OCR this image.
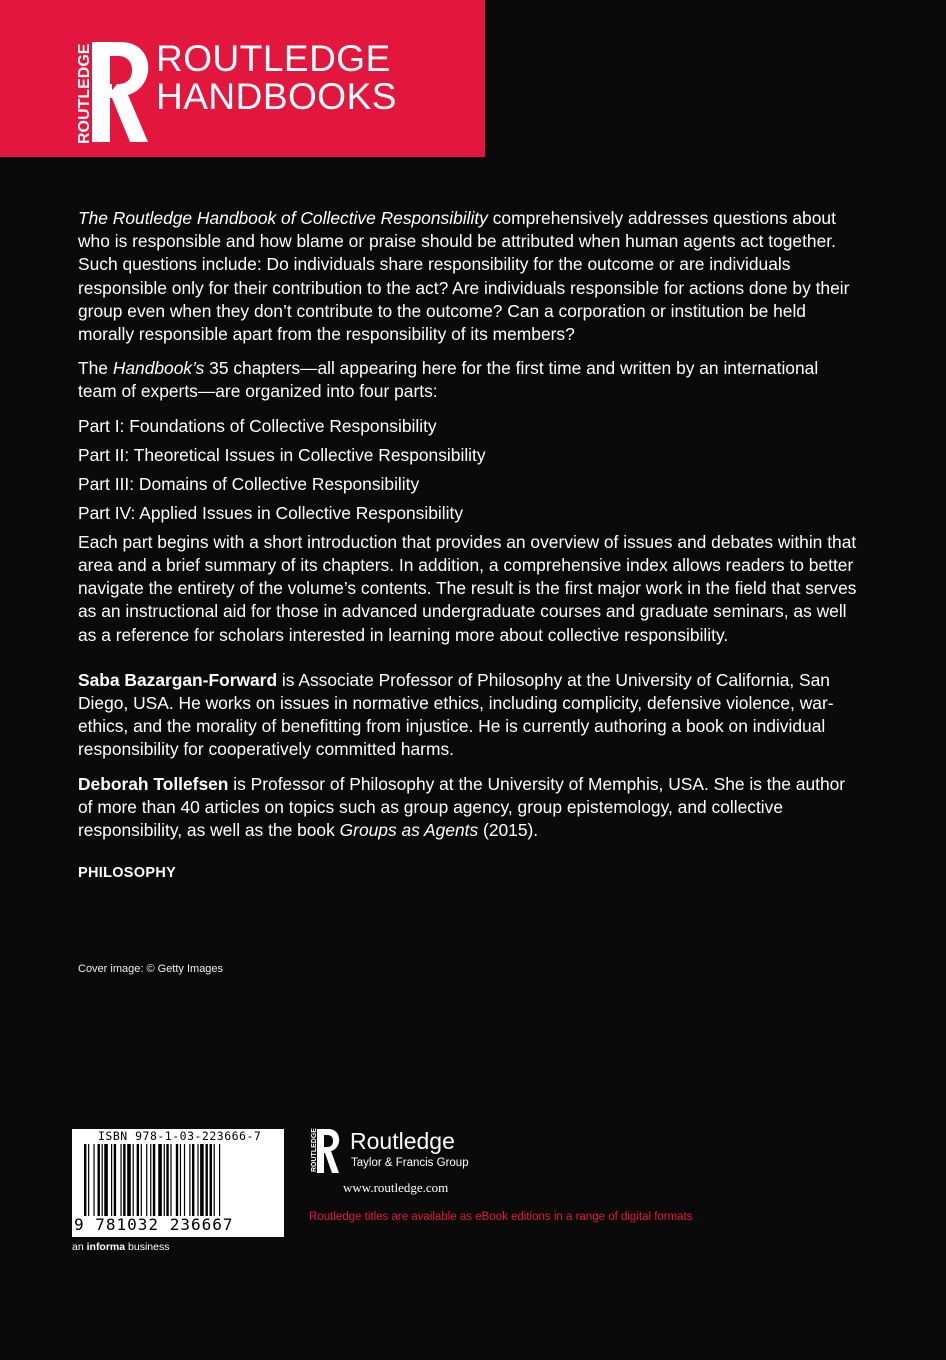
ROUTLEDGE ROUTLEDGE
HANDBOOKS

The Routledge Handbook of Collective Responsibility comprehensively addresses questions about who is responsible and how blame or praise should be attributed when human agents act together. Such questions include: Do individuals share responsibility for the outcome or are individuals responsible only for their contribution to the act? Are individuals responsible for actions done by their group even when they don’t contribute to the outcome? Can a corporation or institution be held morally responsible apart from the responsibility of its members?

The Handbook’s 35 chapters—all appearing here for the first time and written by an international team of experts—are organized into four parts:

Part I: Foundations of Collective Responsibility
Part II: Theoretical Issues in Collective Responsibility
Part III: Domains of Collective Responsibility
Part IV: Applied Issues in Collective Responsibility

Each part begins with a short introduction that provides an overview of issues and debates within that area and a brief summary of its chapters. In addition, a comprehensive index allows readers to better navigate the entirety of the volume’s contents. The result is the first major work in the field that serves as an instructional aid for those in advanced undergraduate courses and graduate seminars, as well as a reference for scholars interested in learning more about collective responsibility.

Saba Bazargan-Forward is Associate Professor of Philosophy at the University of California, San Diego, USA. He works on issues in normative ethics, including complicity, defensive violence, war-ethics, and the morality of benefitting from injustice. He is currently authoring a book on individual responsibility for cooperatively committed harms.

Deborah Tollefsen is Professor of Philosophy at the University of Memphis, USA. She is the author of more than 40 articles on topics such as group agency, group epistemology, and collective responsibility, as well as the book Groups as Agents (2015).

PHILOSOPHY

Cover image: © Getty Images
ISBN 978-1-03-223666-7
9 781032 236667
an informa business
ROUTLEDGE Routledge
Taylor & Francis Group
www.routledge.com
Routledge titles are available as eBook editions in a range of digital formats
